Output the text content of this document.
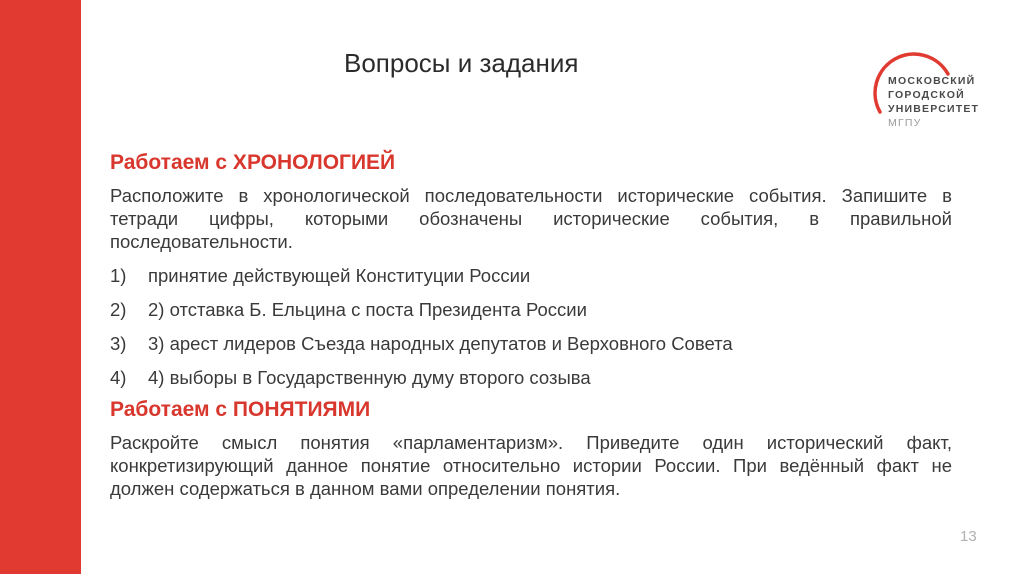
Вопросы и задания
МОСКОВСКИЙ
ГОРОДСКОЙ
УНИВЕРСИТЕТ
МГПУ
Работаем с ХРОНОЛОГИЕЙ

Расположите в хронологической последовательности исторические события. Запишите в тетради цифры, которыми обозначены исторические события, в правильной последовательности.

1)	принятие действующей Конституции России
2)	2) отставка Б. Ельцина с поста Президента России
3)	3) арест лидеров Съезда народных депутатов и Верховного Совета
4)	4) выборы в Государственную думу второго созыва
Работаем с ПОНЯТИЯМИ

Раскройте смысл понятия «парламентаризм». Приведите один исторический факт, конкретизирующий данное понятие относительно истории России. При ведённый факт не должен содержаться в данном вами определении понятия.

13
